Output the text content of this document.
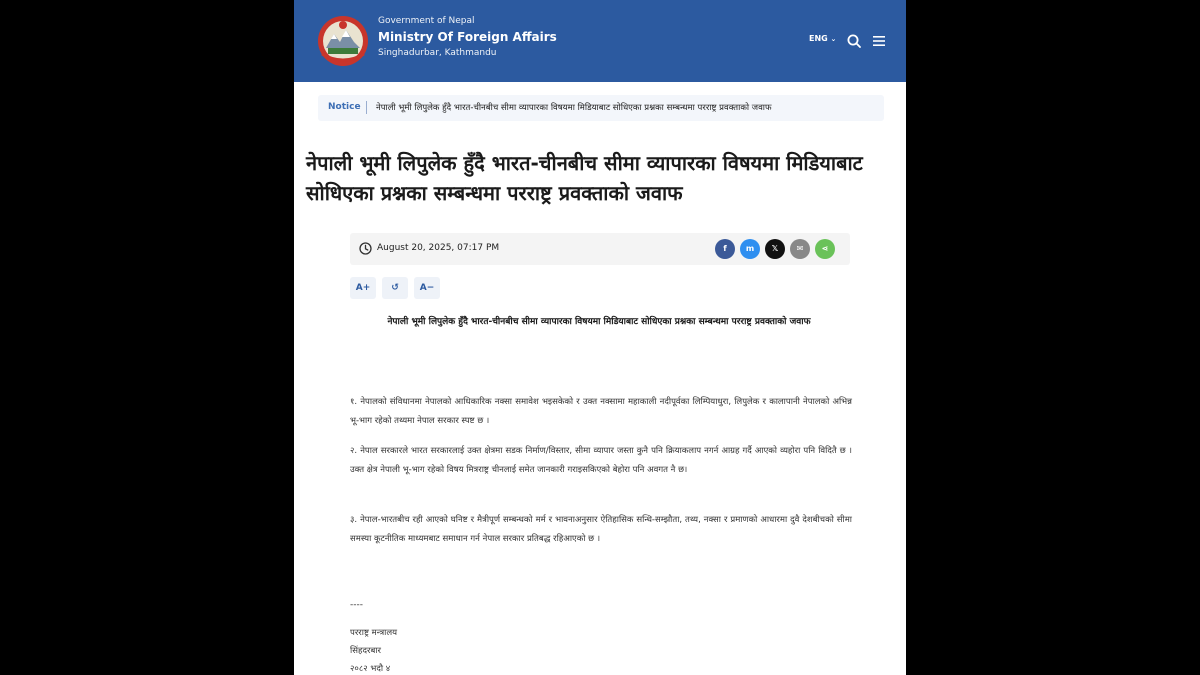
Government of Nepal
Ministry Of Foreign Affairs
Singhadurbar, Kathmandu
ENG ⌄
Notice नेपाली भूमी लिपुलेक हुँदै भारत-चीनबीच सीमा व्यापारका विषयमा मिडियाबाट सोधिएका प्रश्नका सम्बन्धमा परराष्ट्र प्रवक्ताको जवाफ
नेपाली भूमी लिपुलेक हुँदै भारत-चीनबीच सीमा व्यापारका विषयमा मिडियाबाट सोधिएका प्रश्नका सम्बन्धमा परराष्ट्र प्रवक्ताको जवाफ
August 20, 2025, 07:17 PM	f	m	𝕏	✉	⋖
A+	↺	A−
नेपाली भूमी लिपुलेक हुँदै भारत-चीनबीच सीमा व्यापारका विषयमा मिडियाबाट सोधिएका प्रश्नका सम्बन्धमा परराष्ट्र प्रवक्ताको जवाफ

१. नेपालको संविधानमा नेपालको आधिकारिक नक्सा समावेश भइसकेको र उक्त नक्सामा महाकाली नदीपूर्वका लिम्पियाधुरा, लिपुलेक र कालापानी नेपालको अभिन्न भू-भाग रहेको तथ्यमा नेपाल सरकार स्पष्ट छ ।

२. नेपाल सरकारले भारत सरकारलाई उक्त क्षेत्रमा सडक निर्माण/विस्तार, सीमा व्यापार जस्ता कुनै पनि क्रियाकलाप नगर्न आग्रह गर्दै आएको व्यहोरा पनि विदितै छ । उक्त क्षेत्र नेपाली भू-भाग रहेको विषय मित्रराष्ट्र चीनलाई समेत जानकारी गराइसकिएको बेहोरा पनि अवगत नै छ।

३. नेपाल-भारतबीच रही आएको घनिष्ट र मैत्रीपूर्ण सम्बन्धको मर्म र भावनाअनुसार ऐतिहासिक सन्धि-सम्झौता, तथ्य, नक्सा र प्रमाणको आधारमा दुवै देशबीचको सीमा समस्या कूटनीतिक माध्यमबाट समाधान गर्न नेपाल सरकार प्रतिबद्ध रहिआएको छ ।

----
परराष्ट्र मन्त्रालय
सिंहदरबार
२०८२ भदौ ४
